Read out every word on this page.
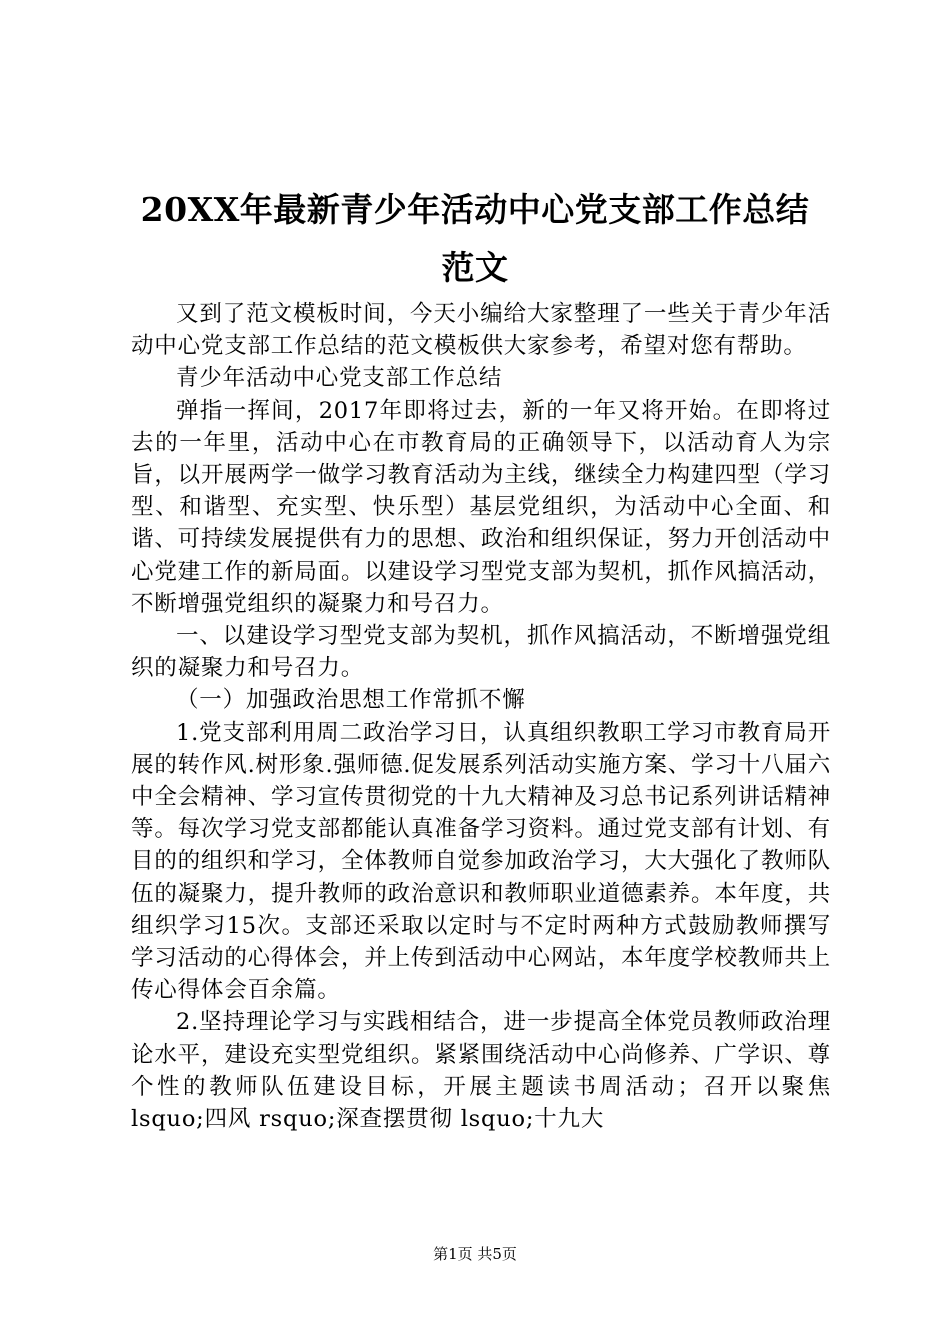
20XX年最新青少年活动中心党支部工作总结
范文

又到了范文模板时间，今天小编给大家整理了一些关于青少年活动中心党支部工作总结的范文模板供大家参考，希望对您有帮助。

青少年活动中心党支部工作总结

弹指一挥间，2017年即将过去，新的一年又将开始。在即将过去的一年里，活动中心在市教育局的正确领导下，以活动育人为宗旨，以开展两学一做学习教育活动为主线，继续全力构建四型（学习型、和谐型、充实型、快乐型）基层党组织，为活动中心全面、和谐、可持续发展提供有力的思想、政治和组织保证，努力开创活动中心党建工作的新局面。以建设学习型党支部为契机，抓作风搞活动，不断增强党组织的凝聚力和号召力。

一、以建设学习型党支部为契机，抓作风搞活动，不断增强党组织的凝聚力和号召力。

（一）加强政治思想工作常抓不懈

1.党支部利用周二政治学习日，认真组织教职工学习市教育局开展的转作风.树形象.强师德.促发展系列活动实施方案、学习十八届六中全会精神、学习宣传贯彻党的十九大精神及习总书记系列讲话精神等。每次学习党支部都能认真准备学习资料。通过党支部有计划、有目的的组织和学习，全体教师自觉参加政治学习，大大强化了教师队伍的凝聚力，提升教师的政治意识和教师职业道德素养。本年度，共组织学习15次。支部还采取以定时与不定时两种方式鼓励教师撰写学习活动的心得体会，并上传到活动中心网站，本年度学校教师共上传心得体会百余篇。

2.坚持理论学习与实践相结合，进一步提高全体党员教师政治理论水平，建设充实型党组织。紧紧围绕活动中心尚修养、广学识、尊个性的教师队伍建设目标，开展主题读书周活动；召开以聚焦 lsquo;四风 rsquo;深查摆贯彻 lsquo;十九大

第1页 共5页
